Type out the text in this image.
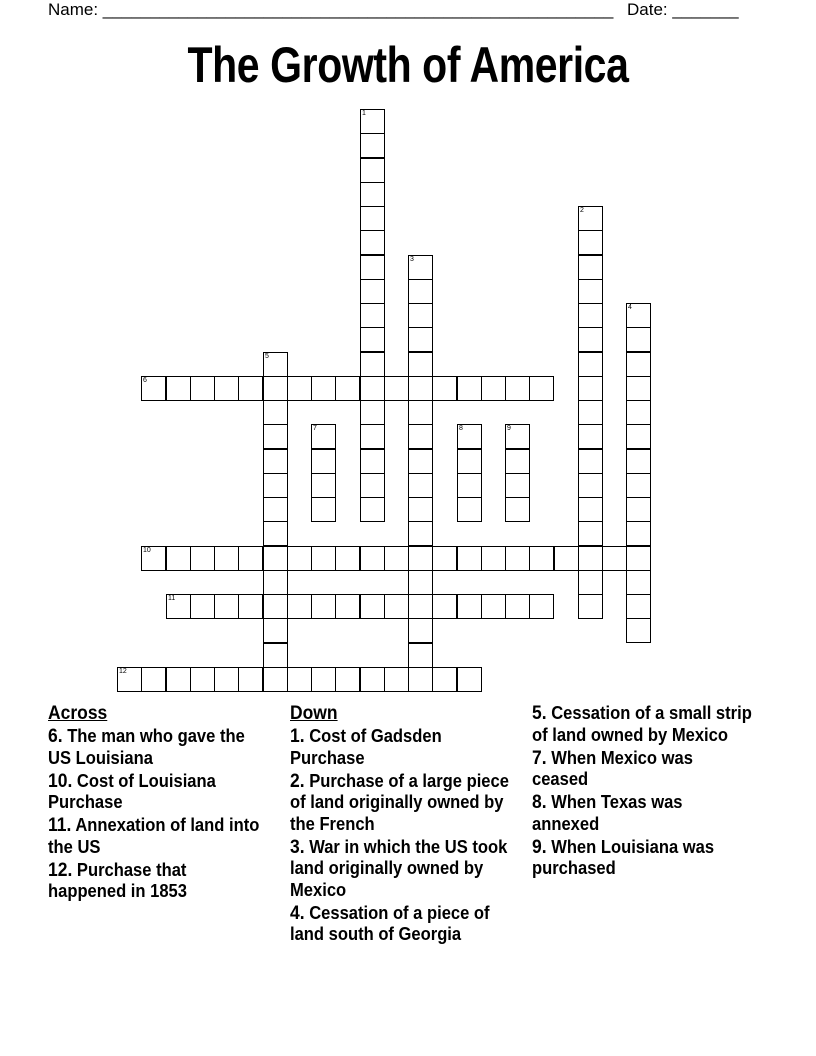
Name: ______________________________________________________ Date: _______
The Growth of America
1
2
3
4
5
6
7	8	9
10
11
12
Across
6. The man who gave the US Louisiana
10. Cost of Louisiana Purchase
11. Annexation of land into the US
12. Purchase that happened in 1853
Down
1. Cost of Gadsden Purchase
2. Purchase of a large piece of land originally owned by the French
3. War in which the US took land originally owned by Mexico
4. Cessation of a piece of land south of Georgia
5. Cessation of a small strip of land owned by Mexico
7. When Mexico was ceased
8. When Texas was annexed
9. When Louisiana was purchased
